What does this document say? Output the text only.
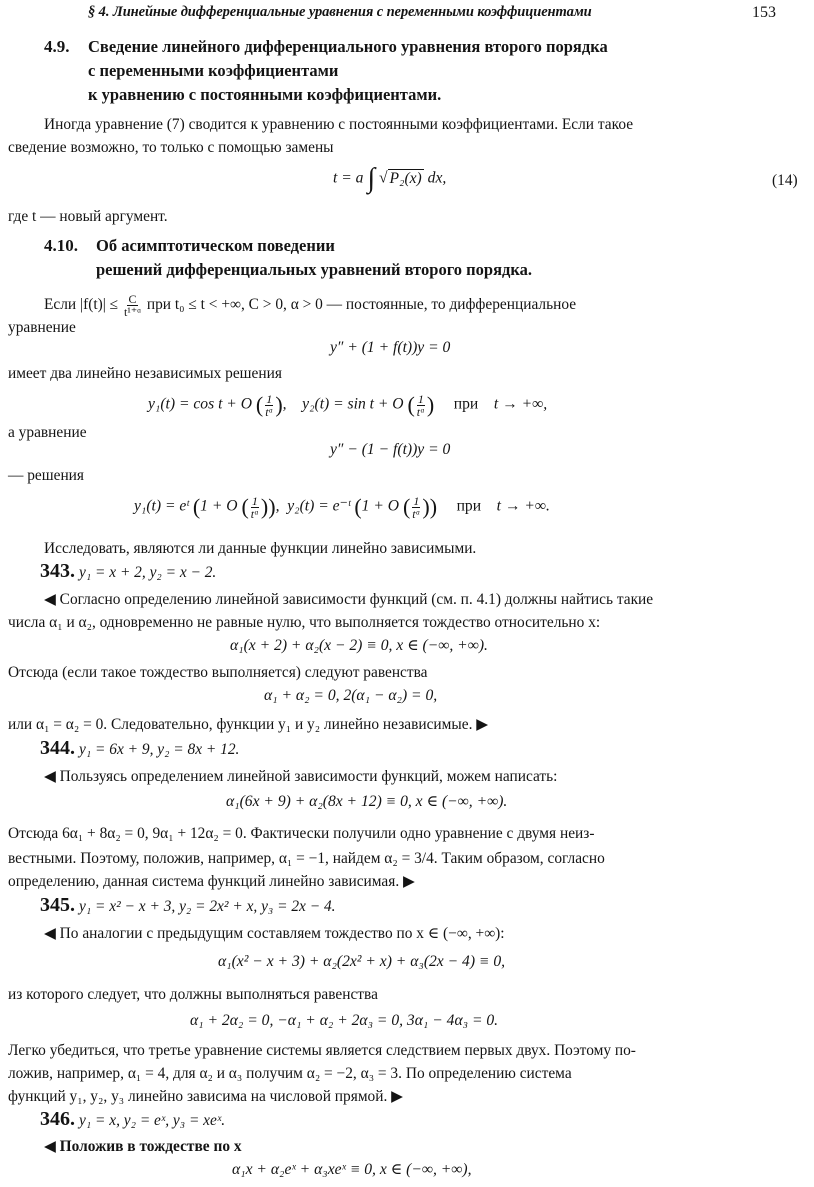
§ 4. Линейные дифференциальные уравнения с переменными коэффициентами	153
4.9. Сведение линейного дифференциального уравнения второго порядка
с переменными коэффициентами
к уравнению с постоянными коэффициентами.
Иногда уравнение (7) сводится к уравнению с постоянными коэффициентами. Если такое
сведение возможно, то только с помощью замены
t = a ∫ √ P₂(x) dx,	(14)
где t — новый аргумент.
4.10. Об асимптотическом поведении
решений дифференциальных уравнений второго порядка.
Если $|f(t)| \le \frac{C}{\text{t¹⁺ᵅ}}$ при t₀ ≤ t < +∞, C > 0, α > 0 — постоянные, то дифференциальное
уравнение
y″ + (1 + f(t))y = 0
имеет два линейно независимых решения
y₁(t) = cos t + O ( $\frac{1}{\text{tᵅ}}$ ),    y₂(t) = sin t + O ( $\frac{1}{\text{tᵅ}}$ ) при t → +∞,
а уравнение
y″ − (1 − f(t))y = 0
— решения
y₁(t) = eᵗ (1 + O ( $\frac{1}{\text{tᵅ}}$ )),  y₂(t) = e⁻ᵗ (1 + O ( $\frac{1}{\text{tᵅ}}$ )) при t → +∞.
Исследовать, являются ли данные функции линейно зависимыми.
343. y₁ = x + 2, y₂ = x − 2.
◀ Согласно определению линейной зависимости функций (см. п. 4.1) должны найтись такие
числа α₁ и α₂, одновременно не равные нулю, что выполняется тождество относительно x:
α₁(x + 2) + α₂(x − 2) ≡ 0, x ∈ (−∞, +∞).
Отсюда (если такое тождество выполняется) следуют равенства
α₁ + α₂ = 0, 2(α₁ − α₂) = 0,
или α₁ = α₂ = 0. Следовательно, функции y₁ и y₂ линейно независимые. ▶
344. y₁ = 6x + 9, y₂ = 8x + 12.
◀ Пользуясь определением линейной зависимости функций, можем написать:
α₁(6x + 9) + α₂(8x + 12) ≡ 0, x ∈ (−∞, +∞).
Отсюда 6α₁ + 8α₂ = 0, 9α₁ + 12α₂ = 0. Фактически получили одно уравнение с двумя неиз-
вестными. Поэтому, положив, например, α₁ = −1, найдем α₂ = 3/4. Таким образом, согласно
определению, данная система функций линейно зависимая. ▶
345. y₁ = x² − x + 3, y₂ = 2x² + x, y₃ = 2x − 4.
◀ По аналогии с предыдущим составляем тождество по x ∈ (−∞, +∞):
α₁(x² − x + 3) + α₂(2x² + x) + α₃(2x − 4) ≡ 0,
из которого следует, что должны выполняться равенства
α₁ + 2α₂ = 0, −α₁ + α₂ + 2α₃ = 0, 3α₁ − 4α₃ = 0.
Легко убедиться, что третье уравнение системы является следствием первых двух. Поэтому по-
ложив, например, α₁ = 4, для α₂ и α₃ получим α₂ = −2, α₃ = 3. По определению система
функций y₁, y₂, y₃ линейно зависима на числовой прямой. ▶
346. y₁ = x, y₂ = eˣ, y₃ = xeˣ.
◀ Положив в тождестве по x
α₁x + α₂eˣ + α₃xeˣ ≡ 0, x ∈ (−∞, +∞),
